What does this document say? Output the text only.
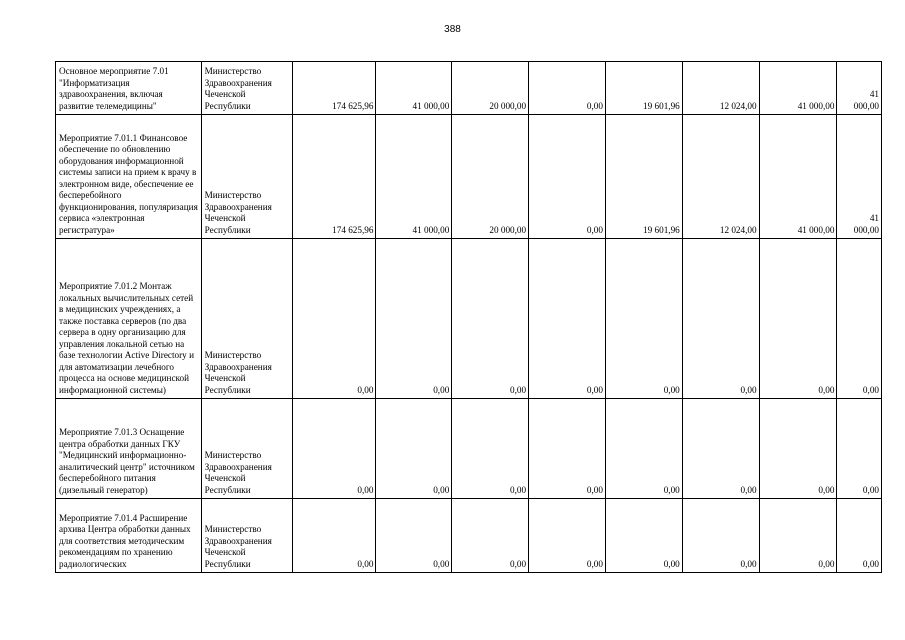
388
Основное мероприятие 7.01 "Информатизация здравоохранения, включая развитие телемедицины"	Министерство Здравоохранения Чеченской Республики	174 625,96	41 000,00	20 000,00	0,00	19 601,96	12 024,00	41 000,00	41 000,00
Мероприятие 7.01.1 Финансовое обеспечение по обновлению оборудования информационной системы записи на прием к врачу в электронном виде, обеспечение ее бесперебойного функционирования, популяризация сервиса «электронная регистратура»	Министерство Здравоохранения Чеченской Республики	174 625,96	41 000,00	20 000,00	0,00	19 601,96	12 024,00	41 000,00	41 000,00
Мероприятие 7.01.2 Монтаж локальных вычислительных сетей в медицинских учреждениях, а также поставка серверов (по два сервера в одну организацию для управления локальной сетью на базе технологии Active Directory и для автоматизации лечебного процесса на основе медицинской информационной системы)	Министерство Здравоохранения Чеченской Республики	0,00	0,00	0,00	0,00	0,00	0,00	0,00	0,00
Мероприятие 7.01.3 Оснащение центра обработки данных ГКУ "Медицинский информационно-аналитический центр" источником бесперебойного питания (дизельный генератор)	Министерство Здравоохранения Чеченской Республики	0,00	0,00	0,00	0,00	0,00	0,00	0,00	0,00
Мероприятие 7.01.4 Расширение архива Центра обработки данных для соответствия методическим рекомендациям по хранению радиологических	Министерство Здравоохранения Чеченской Республики	0,00	0,00	0,00	0,00	0,00	0,00	0,00	0,00
